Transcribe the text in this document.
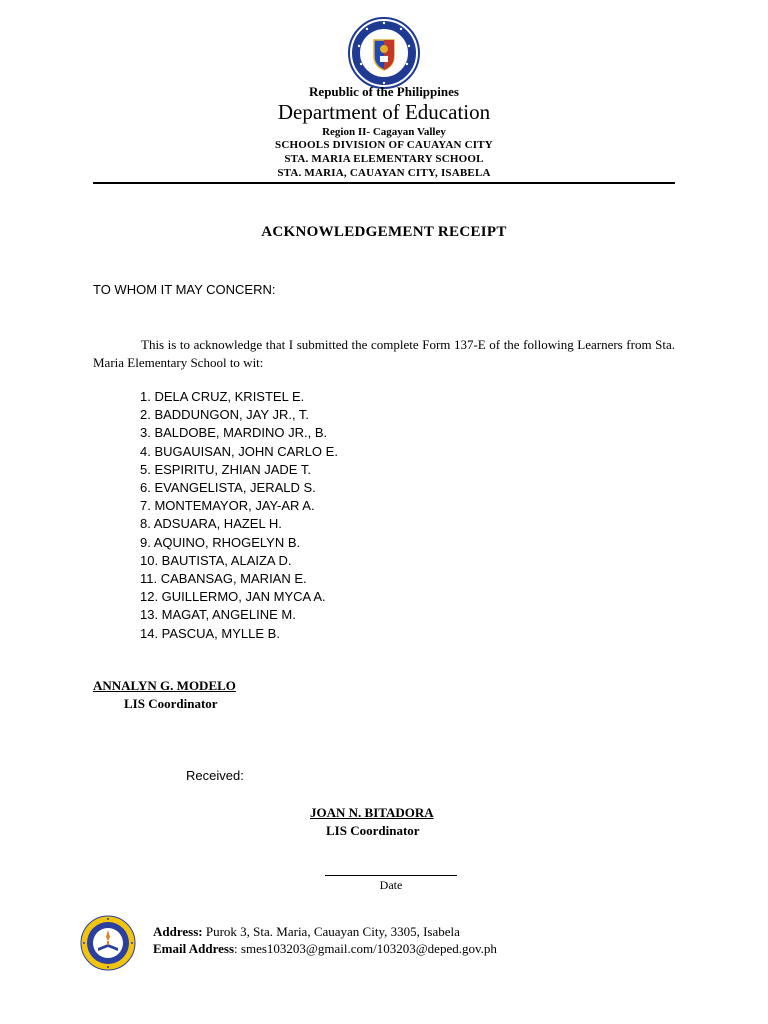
Republic of the Philippines
Department of Education
Region II- Cagayan Valley
SCHOOLS DIVISION OF CAUAYAN CITY
STA. MARIA ELEMENTARY SCHOOL
STA. MARIA, CAUAYAN CITY, ISABELA
ACKNOWLEDGEMENT RECEIPT
TO WHOM IT MAY CONCERN:
This is to acknowledge that I submitted the complete Form 137-E of the following Learners from Sta. Maria Elementary School to wit:
1. DELA CRUZ, KRISTEL E.
2. BADDUNGON, JAY JR., T.
3. BALDOBE, MARDINO JR., B.
4. BUGAUISAN, JOHN CARLO E.
5. ESPIRITU, ZHIAN JADE T.
6. EVANGELISTA, JERALD S.
7. MONTEMAYOR, JAY-AR A.
8. ADSUARA, HAZEL H.
9. AQUINO, RHOGELYN B.
10. BAUTISTA, ALAIZA D.
11. CABANSAG, MARIAN E.
12. GUILLERMO, JAN MYCA A.
13. MAGAT, ANGELINE M.
14. PASCUA, MYLLE B.
ANNALYN G. MODELO
LIS Coordinator
Received:
JOAN N. BITADORA
LIS Coordinator
Date
Address: Purok 3, Sta. Maria, Cauayan City, 3305, Isabela
Email Address: smes103203@gmail.com/103203@deped.gov.ph
